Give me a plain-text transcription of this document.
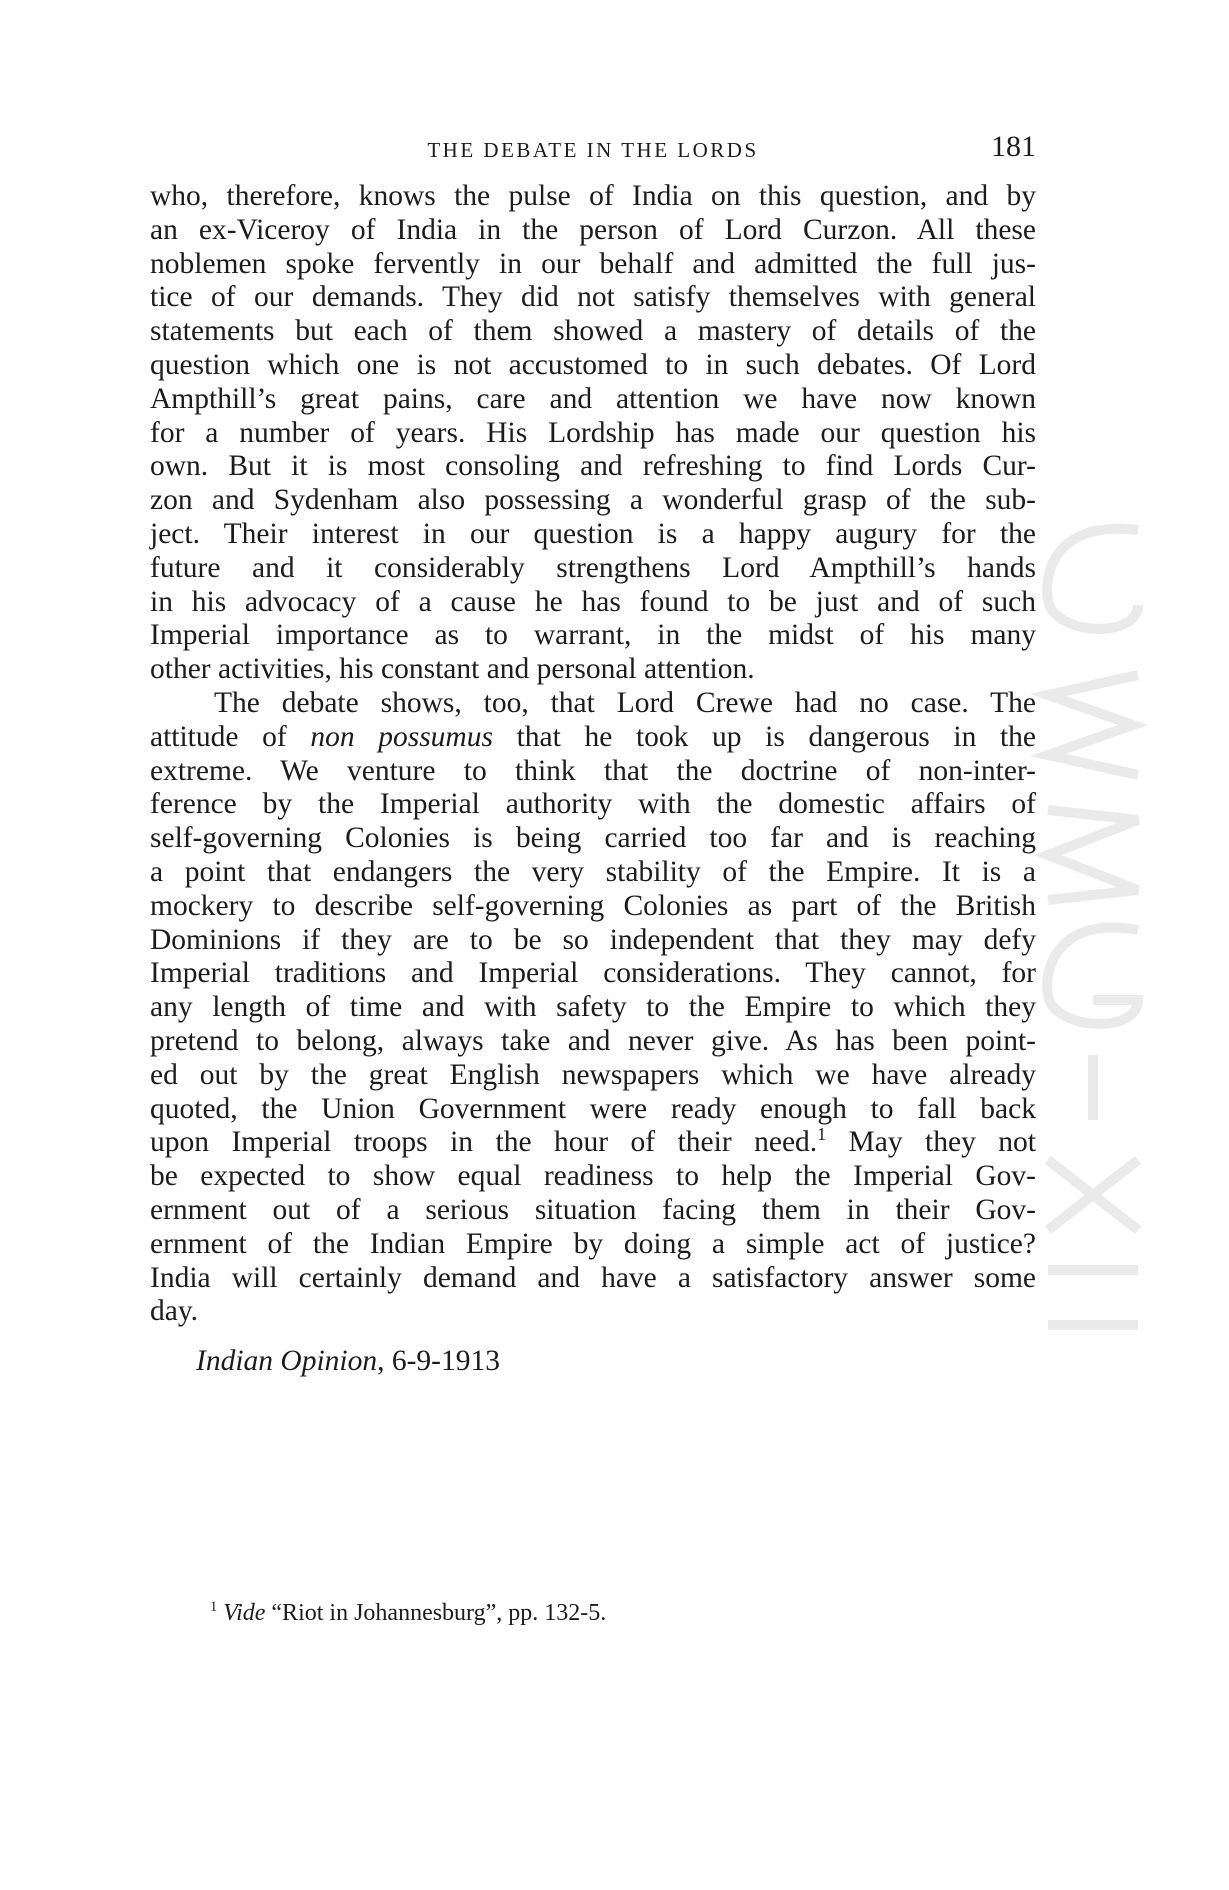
THE DEBATE IN THE LORDS	181
who, therefore, knows the pulse of India on this question, and by
an ex-Viceroy of India in the person of Lord Curzon. All these
noblemen spoke fervently in our behalf and admitted the full jus-
tice of our demands. They did not satisfy themselves with general
statements but each of them showed a mastery of details of the
question which one is not accustomed to in such debates. Of Lord
Ampthill’s great pains, care and attention we have now known
for a number of years. His Lordship has made our question his
own. But it is most consoling and refreshing to find Lords Cur-
zon and Sydenham also possessing a wonderful grasp of the sub-
ject. Their interest in our question is a happy augury for the
future and it considerably strengthens Lord Ampthill’s hands
in his advocacy of a cause he has found to be just and of such
Imperial importance as to warrant, in the midst of his many
other activities, his constant and personal attention.
The debate shows, too, that Lord Crewe had no case. The
attitude of non possumus that he took up is dangerous in the
extreme. We venture to think that the doctrine of non-inter-
ference by the Imperial authority with the domestic affairs of
self-governing Colonies is being carried too far and is reaching
a point that endangers the very stability of the Empire. It is a
mockery to describe self-governing Colonies as part of the British
Dominions if they are to be so independent that they may defy
Imperial traditions and Imperial considerations. They cannot, for
any length of time and with safety to the Empire to which they
pretend to belong, always take and never give. As has been point-
ed out by the great English newspapers which we have already
quoted, the Union Government were ready enough to fall back
upon Imperial troops in the hour of their need.$^1$ May they not
be expected to show equal readiness to help the Imperial Gov-
ernment out of a serious situation facing them in their Gov-
ernment of the Indian Empire by doing a simple act of justice?
India will certainly demand and have a satisfactory answer some
day.
Indian Opinion, 6-9-1913
$^1$ Vide “Riot in Johannesburg”, pp. 132-5.
